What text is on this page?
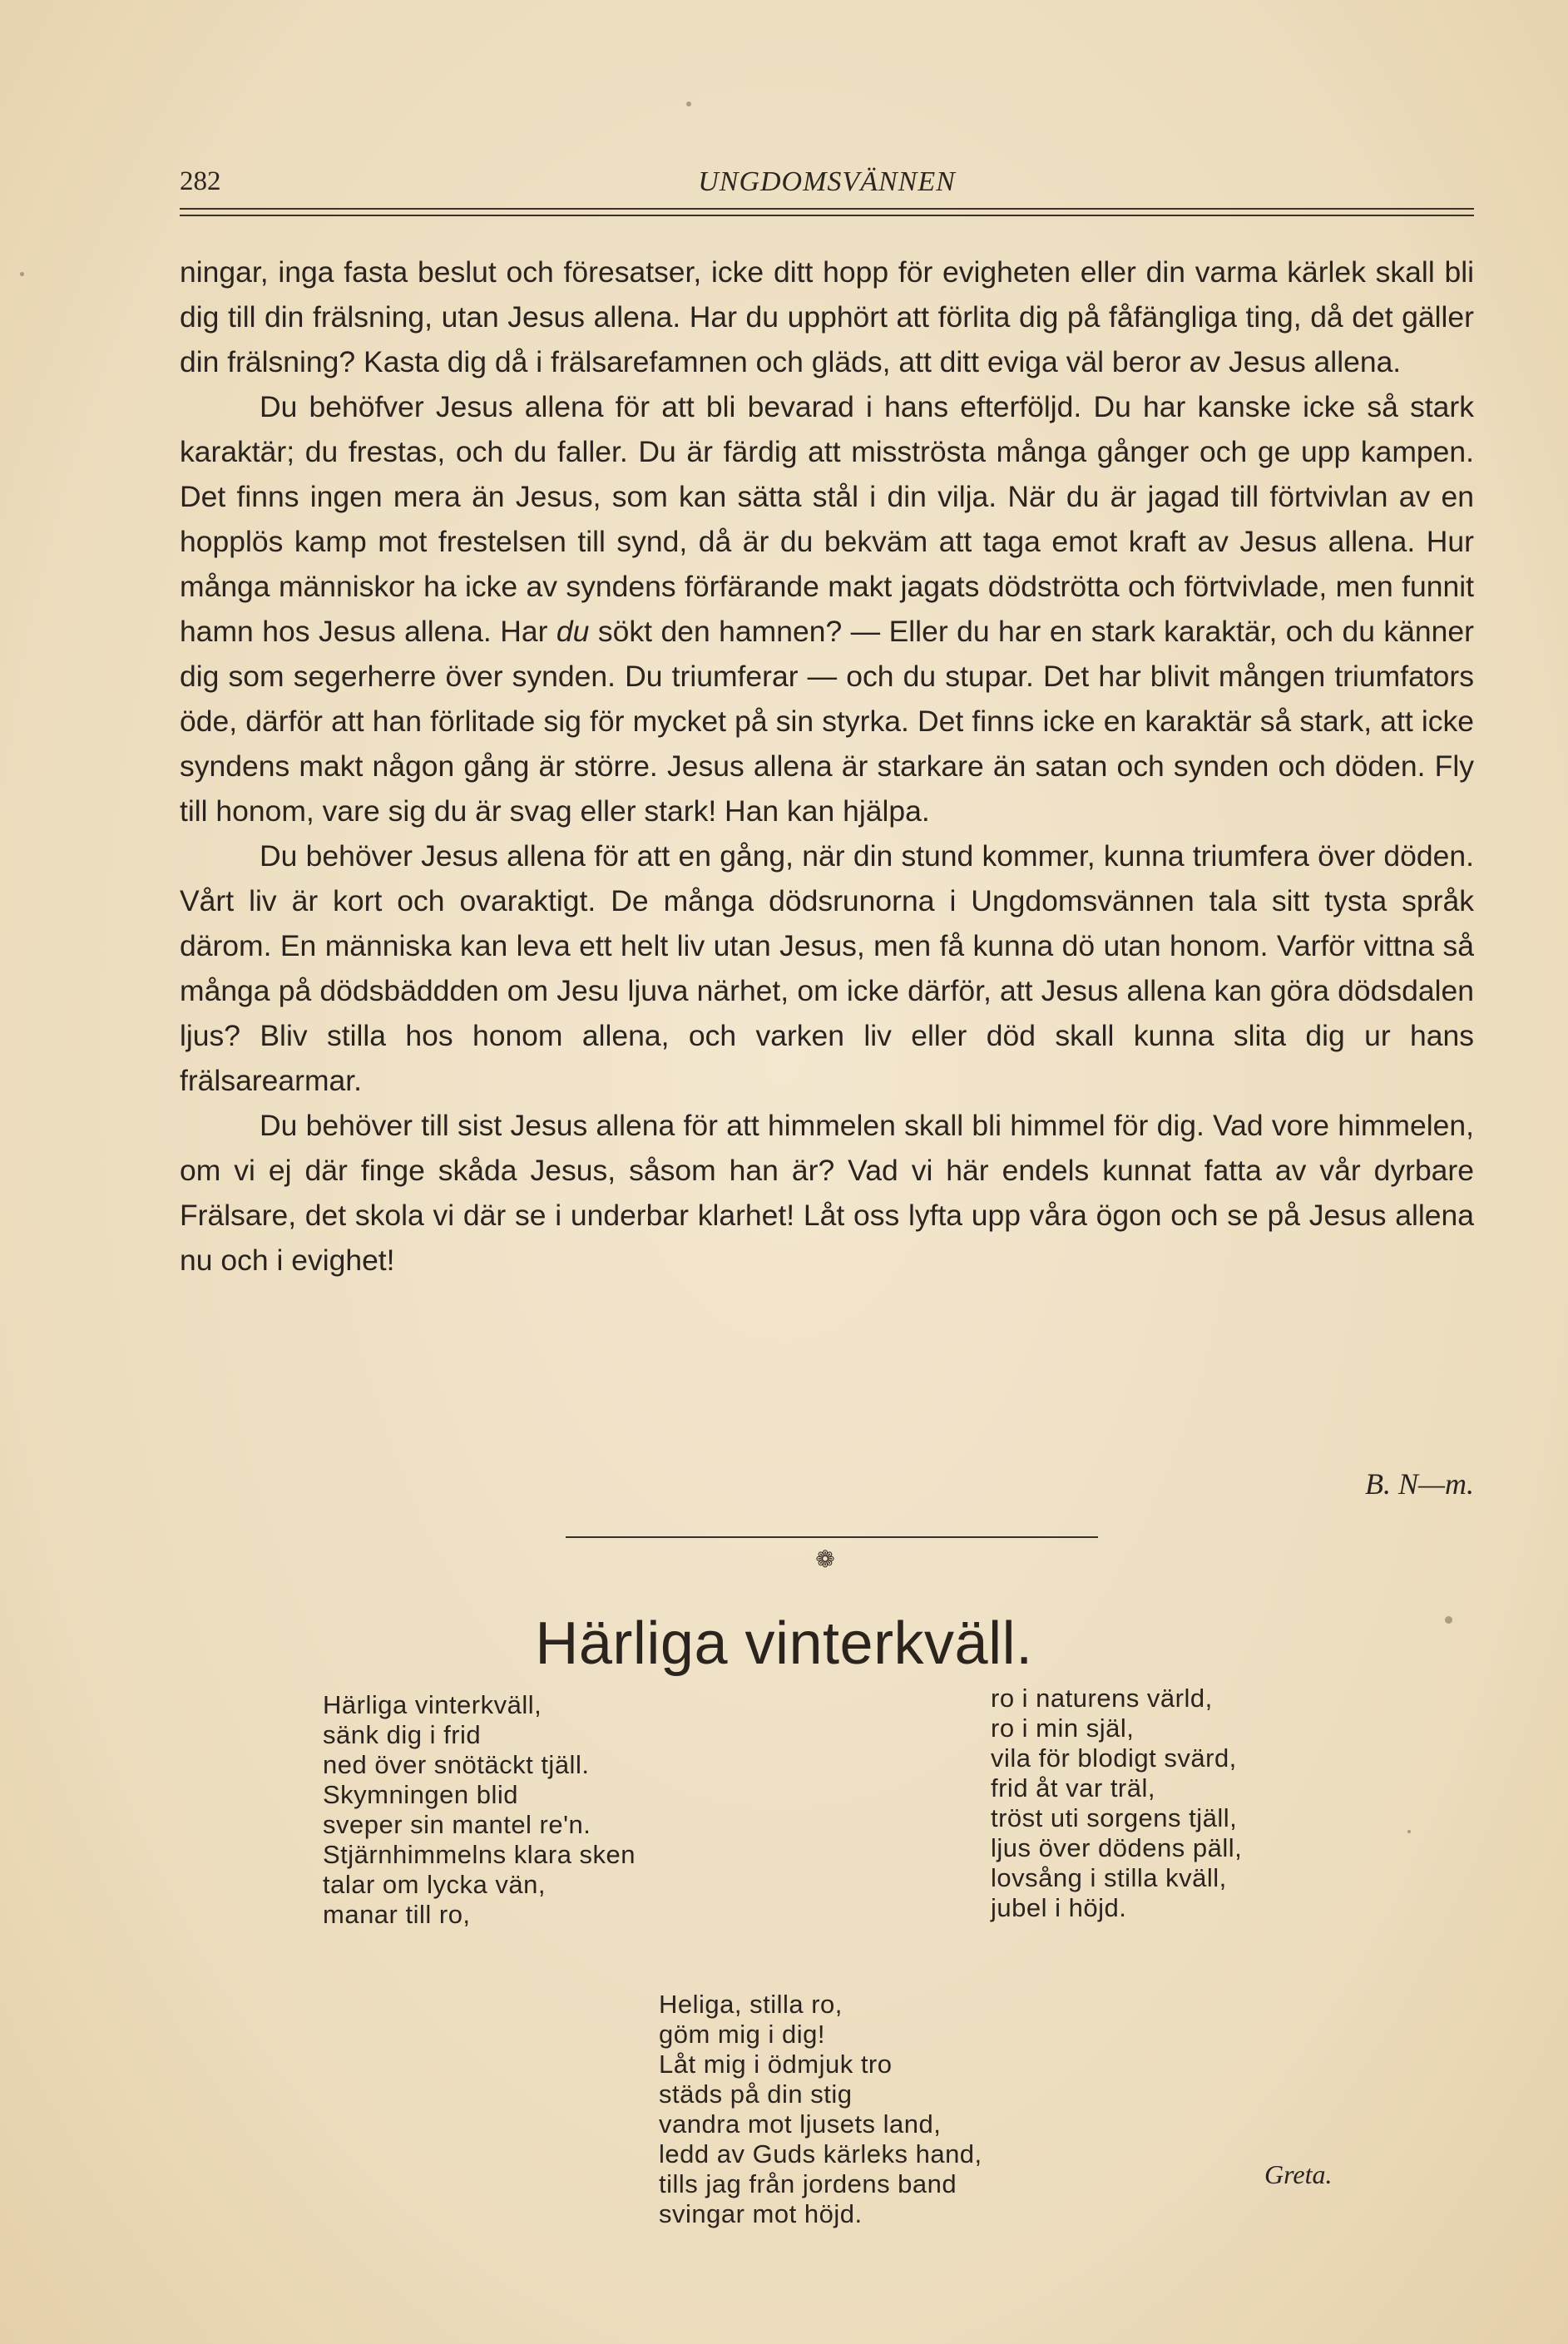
282	UNGDOMSVÄNNEN

ningar, inga fasta beslut och föresatser, icke ditt hopp för evigheten eller din varma kärlek skall bli dig till din frälsning, utan Jesus allena. Har du upphört att förlita dig på fåfängliga ting, då det gäller din frälsning? Kasta dig då i frälsarefamnen och gläds, att ditt eviga väl beror av Jesus allena.

Du behöfver Jesus allena för att bli bevarad i hans efterföljd. Du har kanske icke så stark karaktär; du frestas, och du faller. Du är färdig att misströsta många gånger och ge upp kampen. Det finns ingen mera än Jesus, som kan sätta stål i din vilja. När du är jagad till förtvivlan av en hopplös kamp mot frestelsen till synd, då är du bekväm att taga emot kraft av Jesus allena. Hur många människor ha icke av syndens förfärande makt jagats dödströtta och förtvivlade, men funnit hamn hos Jesus allena. Har du sökt den hamnen? — Eller du har en stark karaktär, och du känner dig som segerherre över synden. Du triumferar — och du stupar. Det har blivit mången triumfators öde, därför att han förlitade sig för mycket på sin styrka. Det finns icke en karaktär så stark, att icke syndens makt någon gång är större. Jesus allena är starkare än satan och synden och döden. Fly till honom, vare sig du är svag eller stark! Han kan hjälpa.

Du behöver Jesus allena för att en gång, när din stund kommer, kunna triumfera över döden. Vårt liv är kort och ovaraktigt. De många dödsrunorna i Ungdomsvännen tala sitt tysta språk därom. En människa kan leva ett helt liv utan Jesus, men få kunna dö utan honom. Varför vittna så många på dödsbäddden om Jesu ljuva närhet, om icke därför, att Jesus allena kan göra dödsdalen ljus? Bliv stilla hos honom allena, och varken liv eller död skall kunna slita dig ur hans frälsarearmar.

Du behöver till sist Jesus allena för att himmelen skall bli himmel för dig. Vad vore himmelen, om vi ej där finge skåda Jesus, såsom han är? Vad vi här endels kunnat fatta av vår dyrbare Frälsare, det skola vi där se i underbar klarhet! Låt oss lyfta upp våra ögon och se på Jesus allena nu och i evighet!

B. N—m.
❁
Härliga vinterkväll.
Härliga vinterkväll,
sänk dig i frid
ned över snötäckt tjäll.
Skymningen blid
sveper sin mantel re'n.
Stjärnhimmelns klara sken
talar om lycka vän,
manar till ro,
ro i naturens värld,
ro i min själ,
vila för blodigt svärd,
frid åt var träl,
tröst uti sorgens tjäll,
ljus över dödens päll,
lovsång i stilla kväll,
jubel i höjd.
Heliga, stilla ro,
göm mig i dig!
Låt mig i ödmjuk tro
städs på din stig
vandra mot ljusets land,
ledd av Guds kärleks hand,
tills jag från jordens band
svingar mot höjd.
Greta.
